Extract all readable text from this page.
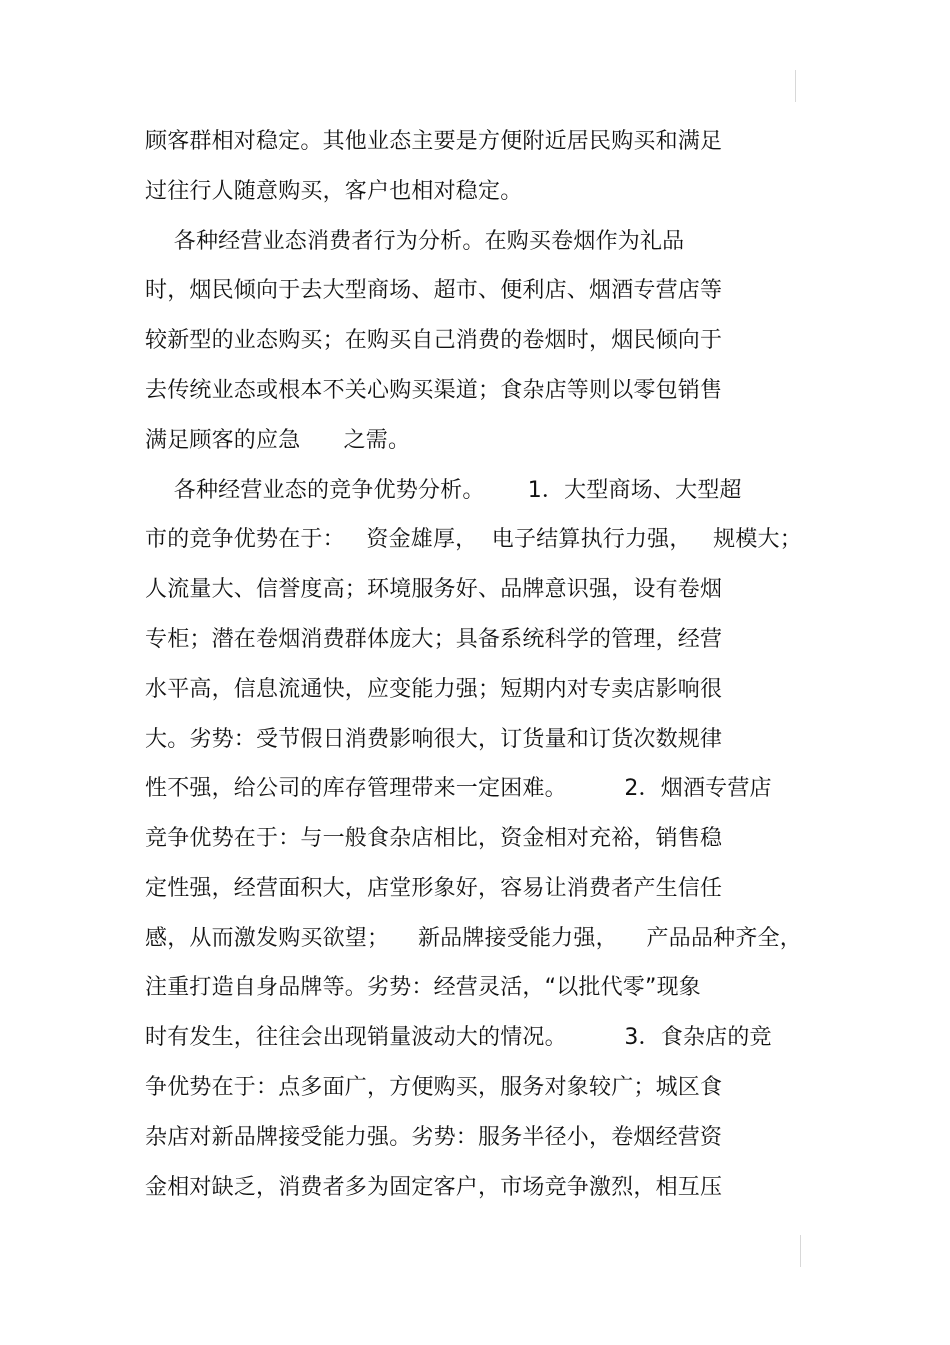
顾客群相对稳定。其他业态主要是方便附近居民购买和满足
过往行人随意购买，客户也相对稳定。
各种经营业态消费者行为分析。在购买卷烟作为礼品
时，烟民倾向于去大型商场、超市、便利店、烟酒专营店等
较新型的业态购买；在购买自己消费的卷烟时，烟民倾向于
去传统业态或根本不关心购买渠道；食杂店等则以零包销售
满足顾客的应急      之需。
各种经营业态的竞争优势分析。      1．大型商场、大型超
市的竞争优势在于：   资金雄厚，  电子结算执行力强，   规模大；
人流量大、信誉度高；环境服务好、品牌意识强，设有卷烟
专柜；潜在卷烟消费群体庞大；具备系统科学的管理，经营
水平高，信息流通快，应变能力强；短期内对专卖店影响很
大。劣势：受节假日消费影响很大，订货量和订货次数规律
性不强，给公司的库存管理带来一定困难。        2．烟酒专营店
竞争优势在于：与一般食杂店相比，资金相对充裕，销售稳
定性强，经营面积大，店堂形象好，容易让消费者产生信任
感，从而激发购买欲望；    新品牌接受能力强，    产品品种齐全，
注重打造自身品牌等。劣势：经营灵活，“以批代零”现象
时有发生，往往会出现销量波动大的情况。        3．食杂店的竞
争优势在于：点多面广，方便购买，服务对象较广；城区食
杂店对新品牌接受能力强。劣势：服务半径小，卷烟经营资
金相对缺乏，消费者多为固定客户，市场竞争激烈，相互压
